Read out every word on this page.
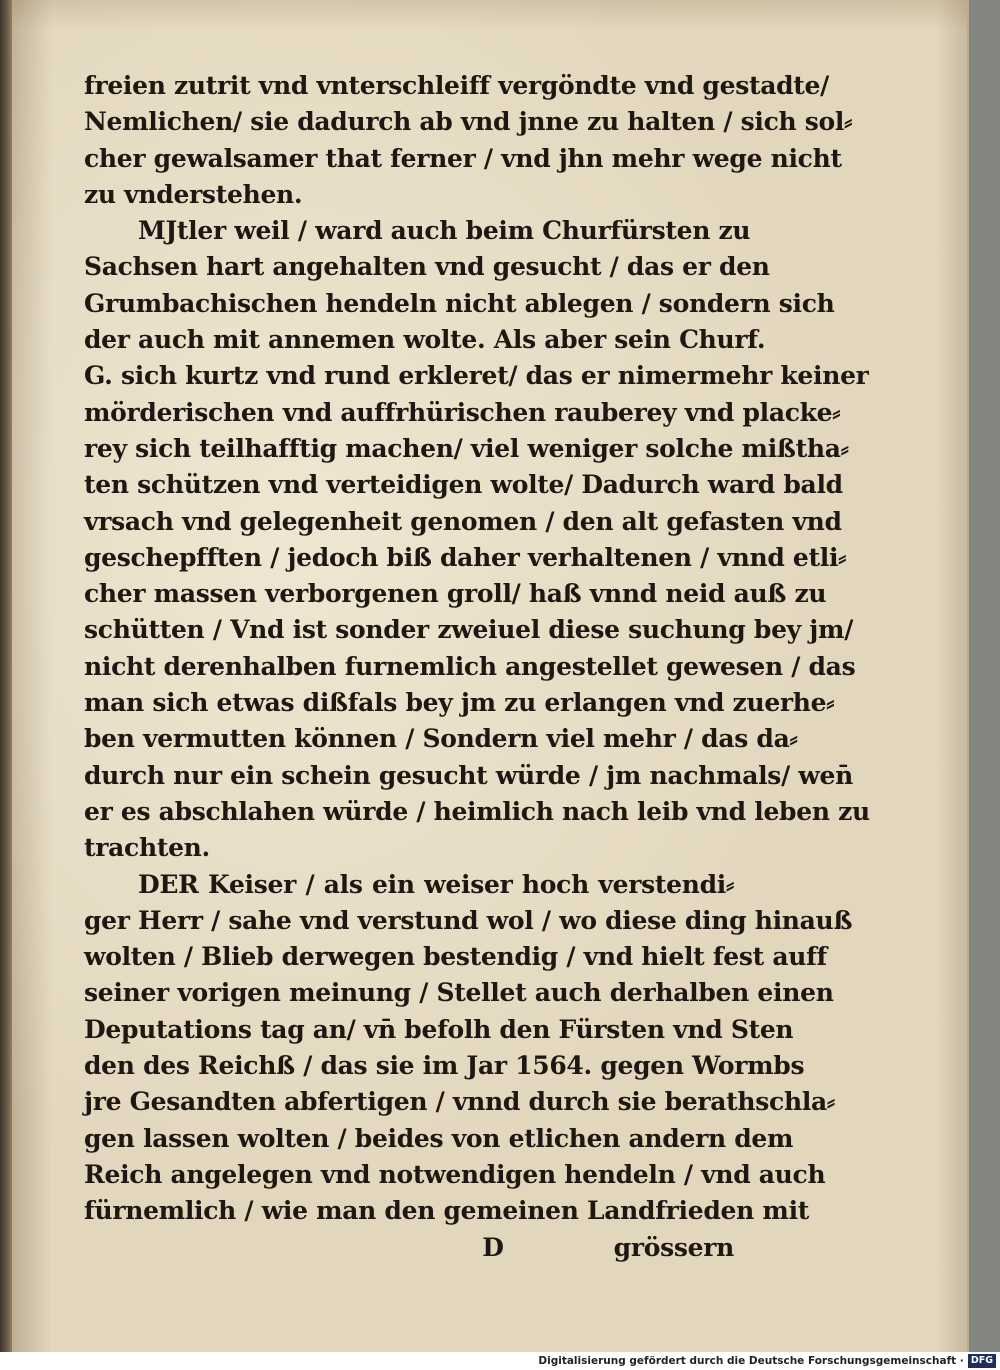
freien zutrit vnd vnterschleiff vergöndte vnd gestadte/
Nemlichen/ sie dadurch ab vnd jnne zu halten / sich sol⸗
cher gewalsamer that ferner / vnd jhn mehr wege nicht
zu vnderstehen.
MJtler weil / ward auch beim Churfürsten zu
Sachsen hart angehalten vnd gesucht / das er den
Grumbachischen hendeln nicht ablegen / sondern sich
der auch mit annemen wolte. Als aber sein Churf.
G. sich kurtz vnd rund erkleret/ das er nimermehr keiner
mörderischen vnd auffrhürischen rauberey vnd placke⸗
rey sich teilhafftig machen/ viel weniger solche mißtha⸗
ten schützen vnd verteidigen wolte/ Dadurch ward bald
vrsach vnd gelegenheit genomen / den alt gefasten vnd
geschepfften / jedoch biß daher verhaltenen / vnnd etli⸗
cher massen verborgenen groll/ haß vnnd neid auß zu
schütten / Vnd ist sonder zweiuel diese suchung bey jm/
nicht derenhalben furnemlich angestellet gewesen / das
man sich etwas dißfals bey jm zu erlangen vnd zuerhe⸗
ben vermutten können / Sondern viel mehr / das da⸗
durch nur ein schein gesucht würde / jm nachmals/ wen̄
er es abschlahen würde / heimlich nach leib vnd leben zu
trachten.
DER Keiser / als ein weiser hoch verstendi⸗
ger Herr / sahe vnd verstund wol / wo diese ding hinauß
wolten / Blieb derwegen bestendig / vnd hielt fest auff
seiner vorigen meinung / Stellet auch derhalben einen
Deputations tag an/ vn̄ befolh den Fürsten vnd Sten
den des Reichß / das sie im Jar 1564. gegen Wormbs
jre Gesandten abfertigen / vnnd durch sie berathschla⸗
gen lassen wolten / beides von etlichen andern dem
Reich angelegen vnd notwendigen hendeln / vnd auch
fürnemlich / wie man den gemeinen Landfrieden mit
D	grössern
Digitalisierung gefördert durch die Deutsche Forschungsgemeinschaft · DFG
